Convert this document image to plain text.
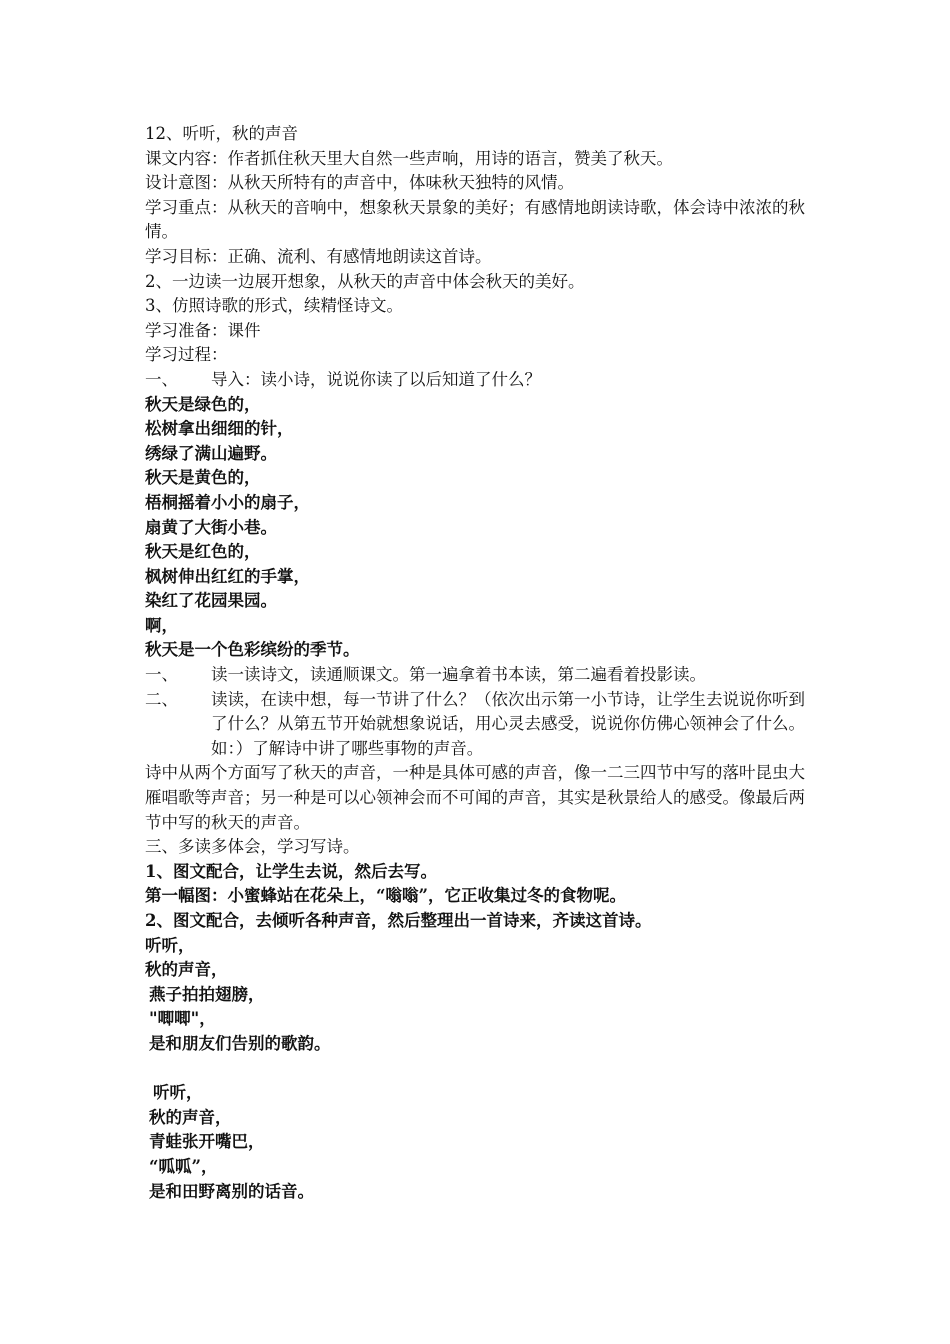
12、听听，秋的声音

课文内容：作者抓住秋天里大自然一些声响，用诗的语言，赞美了秋天。

设计意图：从秋天所特有的声音中，体味秋天独特的风情。

学习重点：从秋天的音响中，想象秋天景象的美好；有感情地朗读诗歌，体会诗中浓浓的秋情。

学习目标：正确、流利、有感情地朗读这首诗。

2、一边读一边展开想象，从秋天的声音中体会秋天的美好。

3、仿照诗歌的形式，续精怪诗文。

学习准备：课件

学习过程：

一、	导入：读小诗，说说你读了以后知道了什么？

秋天是绿色的，

松树拿出细细的针，

绣绿了满山遍野。

秋天是黄色的，

梧桐摇着小小的扇子，

扇黄了大街小巷。

秋天是红色的，

枫树伸出红红的手掌，

染红了花园果园。

啊，

秋天是一个色彩缤纷的季节。

一、	读一读诗文，读通顺课文。第一遍拿着书本读，第二遍看着投影读。
二、	读读，在读中想，每一节讲了什么？（依次出示第一小节诗，让学生去说说你听到了什么？从第五节开始就想象说话，用心灵去感受，说说你仿佛心领神会了什么。如：）了解诗中讲了哪些事物的声音。

诗中从两个方面写了秋天的声音，一种是具体可感的声音，像一二三四节中写的落叶昆虫大雁唱歌等声音；另一种是可以心领神会而不可闻的声音，其实是秋景给人的感受。像最后两节中写的秋天的声音。

三、多读多体会，学习写诗。

1、图文配合，让学生去说，然后去写。

第一幅图：小蜜蜂站在花朵上，“嗡嗡”，它正收集过冬的食物呢。

2、图文配合，去倾听各种声音，然后整理出一首诗来，齐读这首诗。

听听，

秋的声音，

燕子拍拍翅膀，

"唧唧"，

是和朋友们告别的歌韵。

听听，

秋的声音，

青蛙张开嘴巴，

“呱呱”，

是和田野离别的话音。
